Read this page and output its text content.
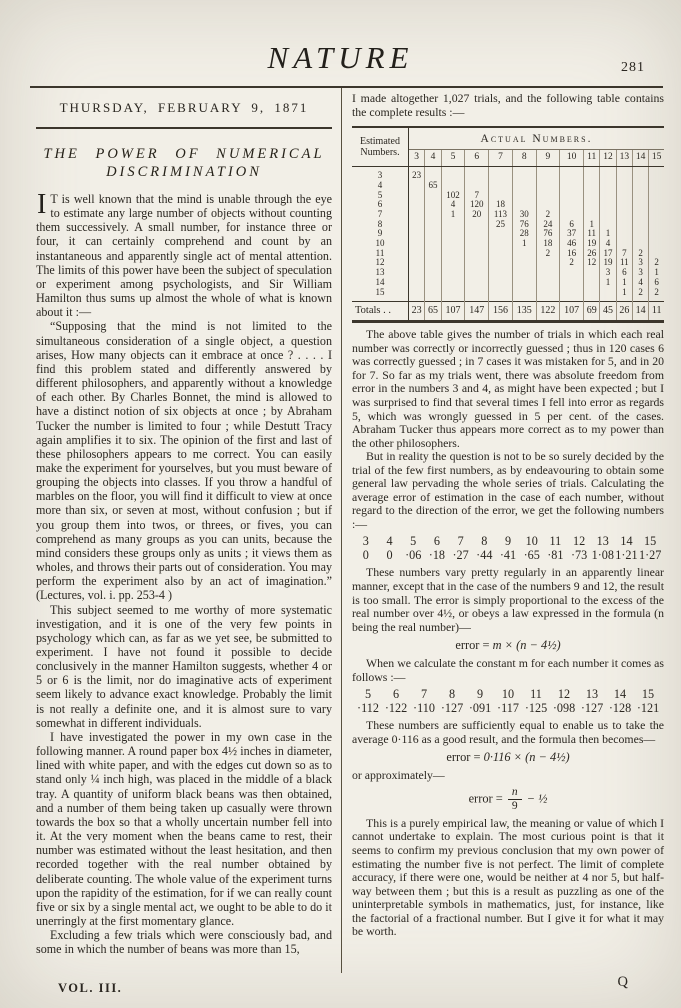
NATURE	281
THURSDAY, FEBRUARY 9, 1871
THE POWER OF NUMERICAL
DISCRIMINATION

I T is well known that the mind is unable through the eye to estimate any large number of objects without counting them successively. A small number, for instance three or four, it can certainly comprehend and count by an instantaneous and apparently single act of mental attention. The limits of this power have been the subject of speculation or experiment among psychologists, and Sir William Hamilton thus sums up almost the whole of what is known about it :—

“Supposing that the mind is not limited to the simultaneous consideration of a single object, a question arises, How many objects can it embrace at once ? . . . . I find this problem stated and differently answered by different philosophers, and apparently without a knowledge of each other. By Charles Bonnet, the mind is allowed to have a distinct notion of six objects at once ; by Abraham Tucker the number is limited to four ; while Destutt Tracy again amplifies it to six. The opinion of the first and last of these philosophers appears to me correct. You can easily make the experiment for yourselves, but you must beware of grouping the objects into classes. If you throw a handful of marbles on the floor, you will find it difficult to view at once more than six, or seven at most, without confusion ; but if you group them into twos, or threes, or fives, you can comprehend as many groups as you can units, because the mind considers these groups only as units ; it views them as wholes, and throws their parts out of consideration. You may perform the experiment also by an act of imagination.” (Lectures, vol. i. pp. 253-4 )

This subject seemed to me worthy of more systematic investigation, and it is one of the very few points in psychology which can, as far as we yet see, be submitted to experiment. I have not found it possible to decide conclusively in the manner Hamilton suggests, whether 4 or 5 or 6 is the limit, nor do imaginative acts of experiment seem likely to advance exact knowledge. Probably the limit is not really a definite one, and it is almost sure to vary somewhat in different individuals.

I have investigated the power in my own case in the following manner. A round paper box 4½ inches in diameter, lined with white paper, and with the edges cut down so as to stand only ¼ inch high, was placed in the middle of a black tray. A quantity of uniform black beans was then obtained, and a number of them being taken up casually were thrown towards the box so that a wholly uncertain number fell into it. At the very moment when the beans came to rest, their number was estimated without the least hesitation, and then recorded together with the real number obtained by deliberate counting. The whole value of the experiment turns upon the rapidity of the estimation, for if we can really count five or six by a single mental act, we ought to be able to do it unerringly at the first momentary glance.

Excluding a few trials which were consciously bad, and some in which the number of beans was more than 15,

I made altogether 1,027 trials, and the following table contains the complete results :—

Estimated Numbers.	Actual Numbers.												
	3	4	5	6	7	8	9	10	11	12	13	14	15
3	23												
4		65											
5			102	7									
6			4	120	18								
7			1	20	113	30	2						
8					25	76	24	6	1				
9						28	76	37	11	1			
10						1	18	46	19	4			
11							2	16	26	17	7	2	
12								2	12	19	11	3	2
13										3	6	3	1
14										1	1	4	6
15											1	2	2
Totals . .	23	65	107	147	156	135	122	107	69	45	26	14	11

The above table gives the number of trials in which each real number was correctly or incorrectly guessed ; thus in 120 cases 6 was correctly guessed ; in 7 cases it was mistaken for 5, and in 20 for 7. So far as my trials went, there was absolute freedom from error in the numbers 3 and 4, as might have been expected ; but I was surprised to find that several times I fell into error as regards 5, which was wrongly guessed in 5 per cent. of the cases. Abraham Tucker thus appears more correct as to my power than the other philosophers.

But in reality the question is not to be so surely decided by the trial of the few first numbers, as by endeavouring to obtain some general law pervading the whole series of trials. Calculating the average error of estimation in the case of each number, without regard to the direction of the error, we get the following numbers :—

3	4	5	6	7	8	9	10 11 12 13 14 15
0	0	·06 ·18 ·27 ·44 ·41 ·65 ·81 ·73 1·08 1·21 1·27

These numbers vary pretty regularly in an apparently linear manner, except that in the case of the numbers 9 and 12, the result is too small. The error is simply proportional to the excess of the real number over 4½, or obeys a law expressed in the formula (n being the real number)—

error = m × (n − 4½)

When we calculate the constant m for each number it comes as follows :—

5	6	7	8	9	10	11	12	13	14	15
·112 ·122 ·110 ·127 ·091 ·117 ·125 ·098 ·127 ·128 ·121

These numbers are sufficiently equal to enable us to take the average 0·116 as a good result, and the formula then becomes—

error = 0·116 × (n − 4½)

or approximately—

error = $\frac{n}{9}$ − ½

This is a purely empirical law, the meaning or value of which I cannot undertake to explain. The most curious point is that it seems to confirm my previous conclusion that my own power of estimating the number five is not perfect. The limit of complete accuracy, if there were one, would be neither at 4 nor 5, but half-way between them ; but this is a result as puzzling as one of the uninterpretable symbols in mathematics, just, for instance, like the factorial of a fractional number. But I give it for what it may be worth.

VOL. III.	Q
